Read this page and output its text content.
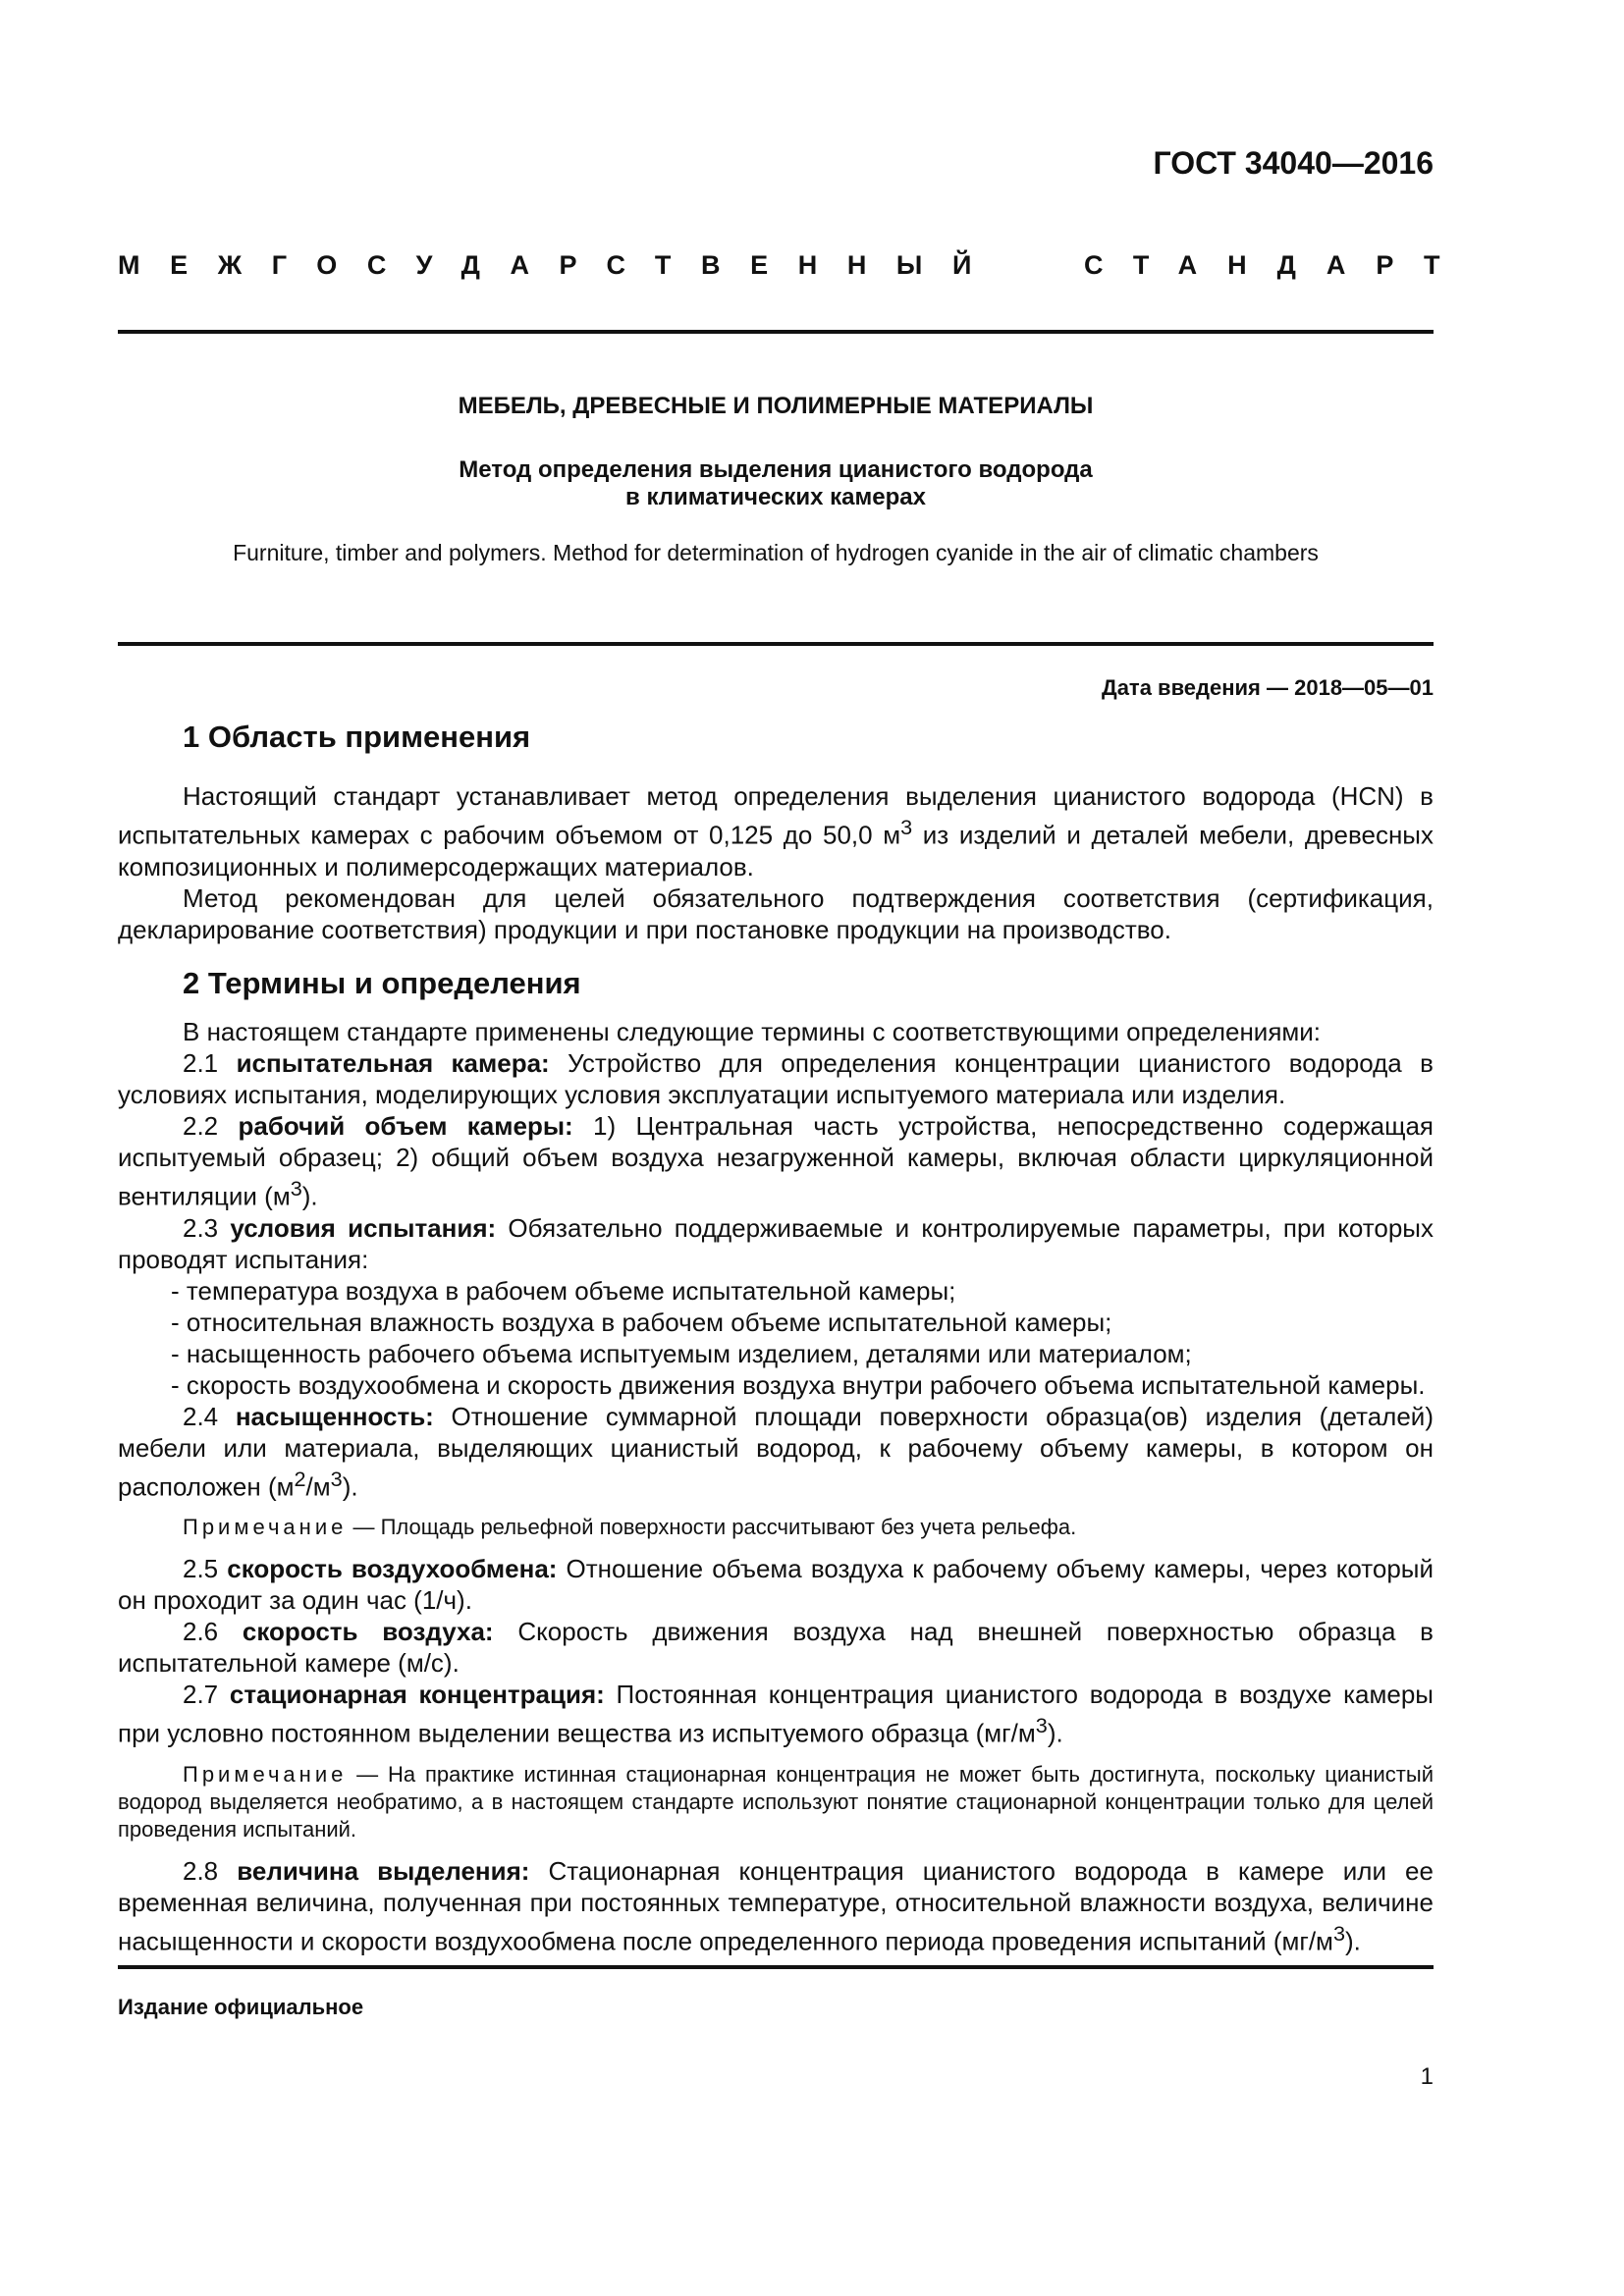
ГОСТ 34040—2016
МЕЖГОСУДАРСТВЕННЫЙ	СТАНДАРТ
МЕБЕЛЬ, ДРЕВЕСНЫЕ И ПОЛИМЕРНЫЕ МАТЕРИАЛЫ
Метод определения выделения цианистого водорода
в климатических камерах
Furniture, timber and polymers. Method for determination of hydrogen cyanide in the air of climatic chambers
Дата введения — 2018—05—01
1 Область применения

Настоящий стандарт устанавливает метод определения выделения цианистого водорода (HCN) в испытательных камерах с рабочим объемом от 0,125 до 50,0 $м^3$ из изделий и деталей мебели, древесных композиционных и полимерсодержащих материалов.

Метод рекомендован для целей обязательного подтверждения соответствия (сертификация, декларирование соответствия) продукции и при постановке продукции на производство.

2 Термины и определения

В настоящем стандарте применены следующие термины с соответствующими определениями:

2.1 испытательная камера: Устройство для определения концентрации цианистого водорода в условиях испытания, моделирующих условия эксплуатации испытуемого материала или изделия.

2.2 рабочий объем камеры: 1) Центральная часть устройства, непосредственно содержащая испытуемый образец; 2) общий объем воздуха незагруженной камеры, включая области циркуляционной вентиляции $(м^3)$.

2.3 условия испытания: Обязательно поддерживаемые и контролируемые параметры, при которых проводят испытания:

- температура воздуха в рабочем объеме испытательной камеры;

- относительная влажность воздуха в рабочем объеме испытательной камеры;

- насыщенность рабочего объема испытуемым изделием, деталями или материалом;

- скорость воздухообмена и скорость движения воздуха внутри рабочего объема испытательной камеры.

2.4 насыщенность: Отношение суммарной площади поверхности образца(ов) изделия (деталей) мебели или материала, выделяющих цианистый водород, к рабочему объему камеры, в котором он расположен $(м^2/м^3)$.

Примечание — Площадь рельефной поверхности рассчитывают без учета рельефа.

2.5 скорость воздухообмена: Отношение объема воздуха к рабочему объему камеры, через который он проходит за один час (1/ч).

2.6 скорость воздуха: Скорость движения воздуха над внешней поверхностью образца в испытательной камере (м/с).

2.7 стационарная концентрация: Постоянная концентрация цианистого водорода в воздухе камеры при условно постоянном выделении вещества из испытуемого образца $(мг/м^3)$.

Примечание — На практике истинная стационарная концентрация не может быть достигнута, поскольку цианистый водород выделяется необратимо, а в настоящем стандарте используют понятие стационарной концентрации только для целей проведения испытаний.

2.8 величина выделения: Стационарная концентрация цианистого водорода в камере или ее временная величина, полученная при постоянных температуре, относительной влажности воздуха, величине насыщенности и скорости воздухообмена после определенного периода проведения испытаний $(мг/м^3)$.

Издание официальное
1
